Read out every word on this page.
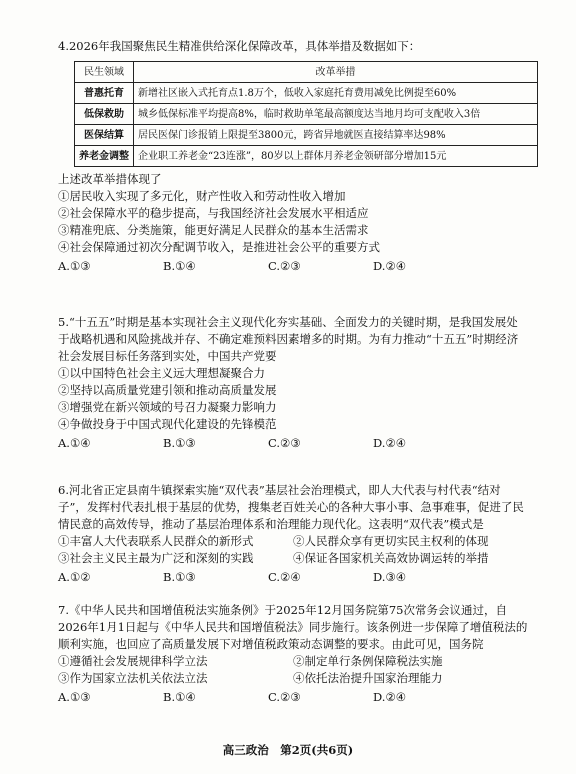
4.2026年我国聚焦民生精准供给深化保障改革，具体举措及数据如下：

民生领域	改革举措
普惠托育	新增社区嵌入式托育点1.8万个，低收入家庭托育费用减免比例提至60%
低保救助	城乡低保标准平均提高8%，临时救助单笔最高额度达当地月均可支配收入3倍
医保结算	居民医保门诊报销上限提至3800元，跨省异地就医直接结算率达98%
养老金调整	企业职工养老金“23连涨”，80岁以上群体月养老金领研部分增加15元

上述改革举措体现了

①居民收入实现了多元化，财产性收入和劳动性收入增加

②社会保障水平的稳步提高，与我国经济社会发展水平相适应

③精准兜底、分类施策，能更好满足人民群众的基本生活需求

④社会保障通过初次分配调节收入，是推进社会公平的重要方式

A.①③	B.①④	C.②③	D.②④

5.“十五五”时期是基本实现社会主义现代化夯实基础、全面发力的关键时期，是我国发展处于战略机遇和风险挑战并存、不确定难预料因素增多的时期。为有力推动“十五五”时期经济社会发展目标任务落到实处，中国共产党要

①以中国特色社会主义远大理想凝聚合力

②坚持以高质量党建引领和推动高质量发展

③增强党在新兴领域的号召力凝聚力影响力

④争做投身于中国式现代化建设的先锋模范

A.①④	B.①③	C.②③	D.②④

6.河北省正定县南牛镇探索实施“双代表”基层社会治理模式，即人大代表与村代表“结对子”，发挥村代表扎根于基层的优势，搜集老百姓关心的各种大事小事、急事难事，促进了民情民意的高效传导，推动了基层治理体系和治理能力现代化。这表明“双代表”模式是

①丰富人大代表联系人民群众的新形式	②人民群众享有更切实民主权利的体现
③社会主义民主最为广泛和深刻的实践	④保证各国家机关高效协调运转的举措
A.①②	B.①③	C.②④	D.③④

7.《中华人民共和国增值税法实施条例》于2025年12月国务院第75次常务会议通过，自2026年1月1日起与《中华人民共和国增值税法》同步施行。该条例进一步保障了增值税法的顺利实施，也回应了高质量发展下对增值税政策动态调整的要求。由此可见，国务院

①遵循社会发展规律科学立法	②制定单行条例保障税法实施
③作为国家立法机关依法立法	④依托法治提升国家治理能力
A.①③	B.①④	C.②③	D.②④
高三政治　第2页(共6页)
